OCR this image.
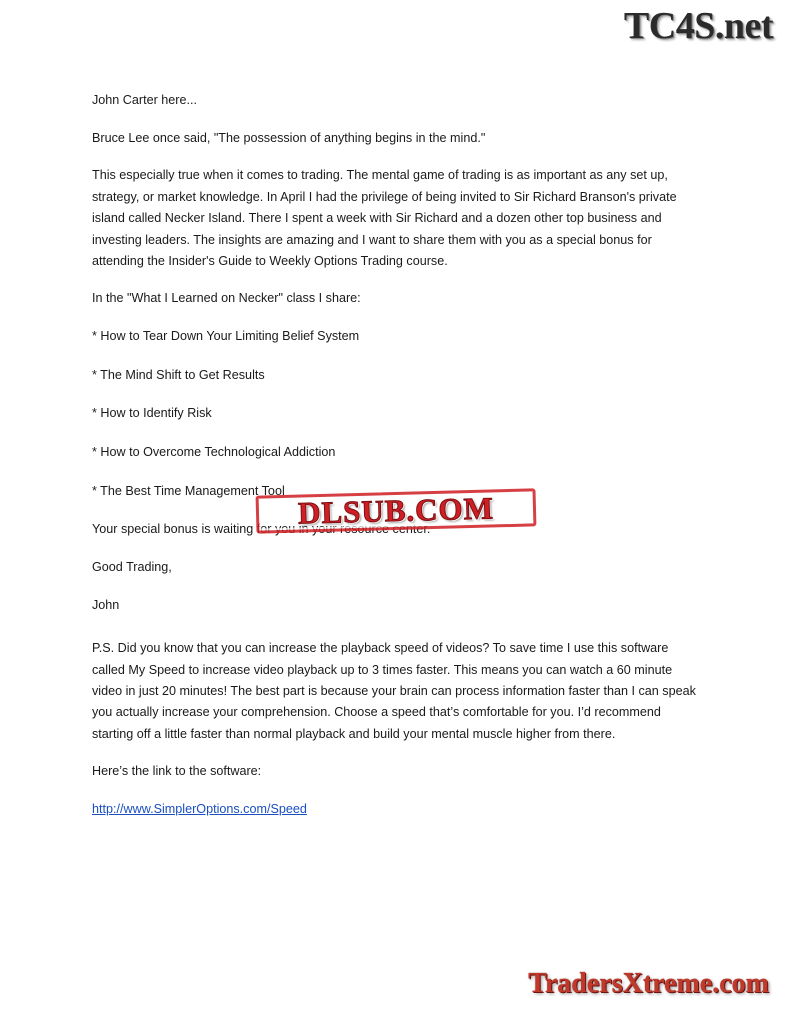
TC4S.net

John Carter here...

Bruce Lee once said, "The possession of anything begins in the mind."

This especially true when it comes to trading. The mental game of trading is as important as any set up, strategy, or market knowledge. In April I had the privilege of being invited to Sir Richard Branson's private island called Necker Island. There I spent a week with Sir Richard and a dozen other top business and investing leaders. The insights are amazing and I want to share them with you as a special bonus for attending the Insider's Guide to Weekly Options Trading course.

In the "What I Learned on Necker" class I share:

* How to Tear Down Your Limiting Belief System

* The Mind Shift to Get Results

* How to Identify Risk

* How to Overcome Technological Addiction

* The Best Time Management Tool

Your special bonus is waiting for you in your resource center.

Good Trading,

John

P.S. Did you know that you can increase the playback speed of videos? To save time I use this software called My Speed to increase video playback up to 3 times faster. This means you can watch a 60 minute video in just 20 minutes! The best part is because your brain can process information faster than I can speak you actually increase your comprehension. Choose a speed that’s comfortable for you. I’d recommend starting off a little faster than normal playback and build your mental muscle higher from there.

Here’s the link to the software:

http://www.SimplerOptions.com/Speed

DLSUB.COM
TradersXtreme.com
